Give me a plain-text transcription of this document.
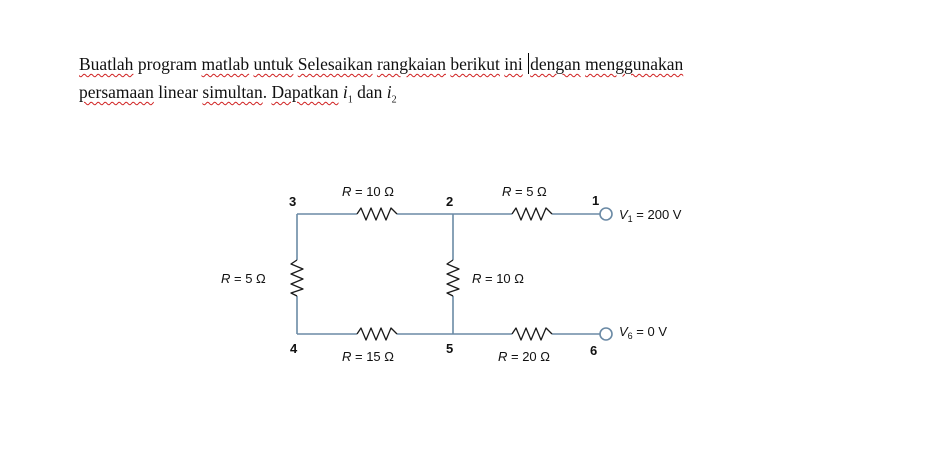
Buatlah program matlab untuk Selesaikan rangkaian berikut ini dengan menggunakan
persamaan linear simultan. Dapatkan $i_1$ dan $i_2$
3	2	1
4	5	6
R = 10 Ω	R = 5 Ω
R = 5 Ω	R = 10 Ω
R = 15 Ω	R = 20 Ω
$V_1 = 200$ V
$V_6 = 0$ V
